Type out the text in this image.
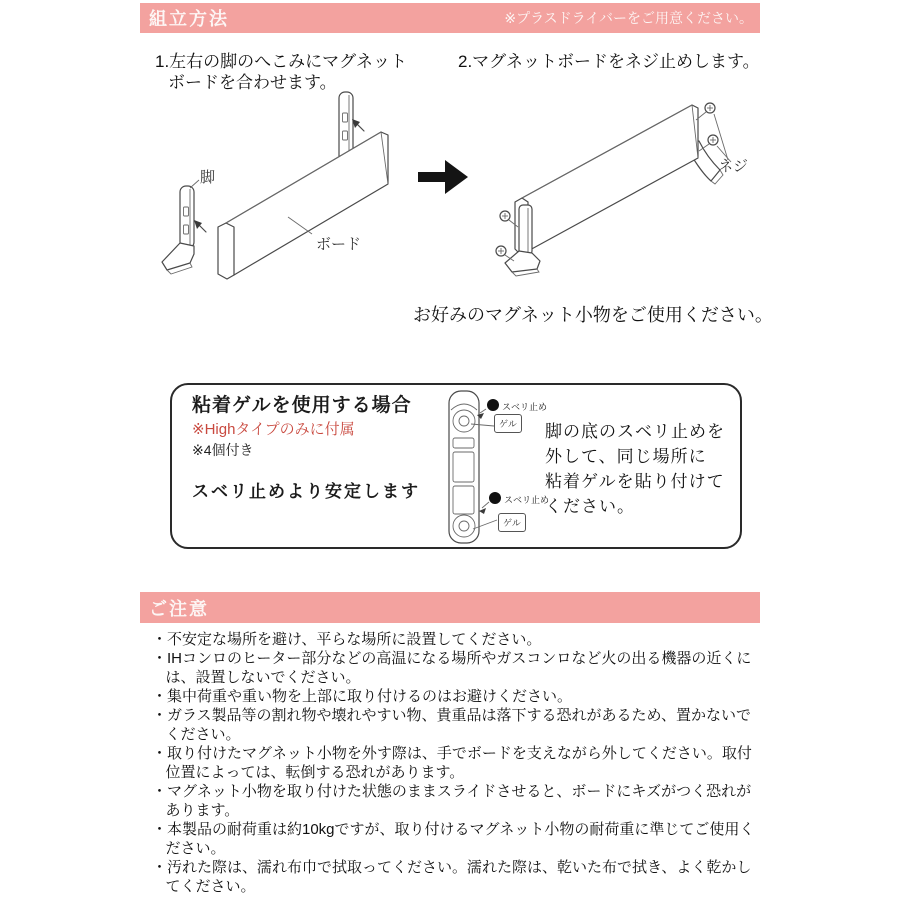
組立方法	※プラスドライバーをご用意ください。
1.左右の脚のへこみにマグネット
ボードを合わせます。
2.マグネットボードをネジ止めします。
脚
ボード
ネジ
お好みのマグネット小物をご使用ください。
粘着ゲルを使用する場合
※Highタイプのみに付属
※4個付き
スベリ止めより安定します
スベリ止め
ゲル
スベリ止め
ゲル
脚の底のスベリ止めを
外して、同じ場所に
粘着ゲルを貼り付けて
ください。
ご注意
・不安定な場所を避け、平らな場所に設置してください。
・IHコンロのヒーター部分などの高温になる場所やガスコンロなど火の出る機器の近くには、設置しないでください。
・集中荷重や重い物を上部に取り付けるのはお避けください。
・ガラス製品等の割れ物や壊れやすい物、貴重品は落下する恐れがあるため、置かないでください。
・取り付けたマグネット小物を外す際は、手でボードを支えながら外してください。取付位置によっては、転倒する恐れがあります。
・マグネット小物を取り付けた状態のままスライドさせると、ボードにキズがつく恐れがあります。
・本製品の耐荷重は約10kgですが、取り付けるマグネット小物の耐荷重に準じてご使用ください。
・汚れた際は、濡れ布巾で拭取ってください。濡れた際は、乾いた布で拭き、よく乾かしてください。
